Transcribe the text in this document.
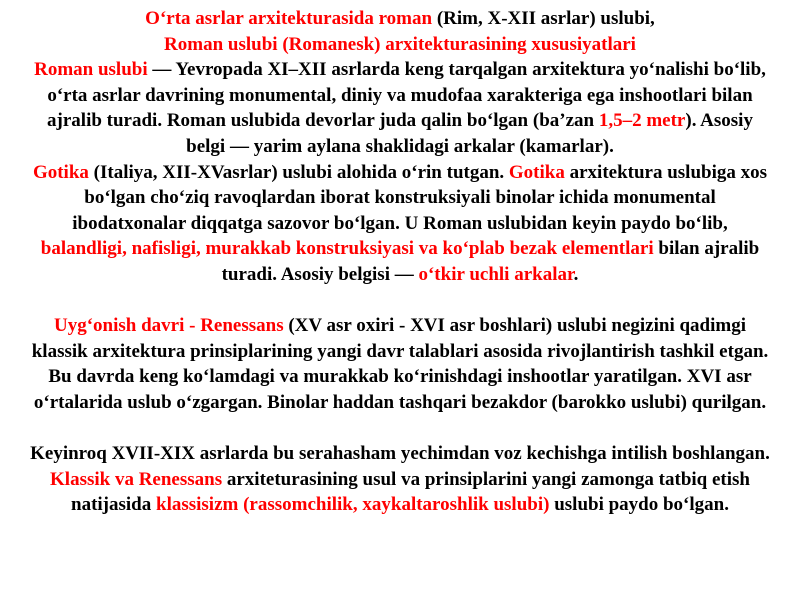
O‘rta asrlar arxitekturasida roman (Rim, X-XII asrlar) uslubi,
Roman uslubi (Romanesk) arxitekturasining xususiyatlari

Roman uslubi — Yevropada XI–XII asrlarda keng tarqalgan arxitektura yo‘nalishi bo‘lib, o‘rta asrlar davrining monumental, diniy va mudofaa xarakteriga ega inshootlari bilan ajralib turadi. Roman uslubida devorlar juda qalin bo‘lgan (ba’zan 1,5–2 metr). Asosiy belgi — yarim aylana shaklidagi arkalar (kamarlar).

Gotika (Italiya, XII-XVasrlar) uslubi alohida o‘rin tutgan. Gotika arxitektura uslubiga xos bo‘lgan cho‘ziq ravoqlardan iborat konstruksiyali binolar ichida monumental ibodatxonalar diqqatga sazovor bo‘lgan. U Roman uslubidan keyin paydo bo‘lib, balandligi, nafisligi, murakkab konstruksiyasi va ko‘plab bezak elementlari bilan ajralib turadi. Asosiy belgisi — o‘tkir uchli arkalar.

Uyg‘onish davri - Renessans (XV asr oxiri - XVI asr boshlari) uslubi negizini qadimgi klassik arxitektura prinsiplarining yangi davr talablari asosida rivojlantirish tashkil etgan. Bu davrda keng ko‘lamdagi va murakkab ko‘rinishdagi inshootlar yaratilgan. XVI asr o‘rtalarida uslub o‘zgargan. Binolar haddan tashqari bezakdor (barokko uslubi) qurilgan.

Keyinroq XVII-XIX asrlarda bu serahasham yechimdan voz kechishga intilish boshlangan. Klassik va Renessans arxiteturasining usul va prinsiplarini yangi zamonga tatbiq etish natijasida klassisizm (rassomchilik, xaykaltaroshlik uslubi) uslubi paydo bo‘lgan.
